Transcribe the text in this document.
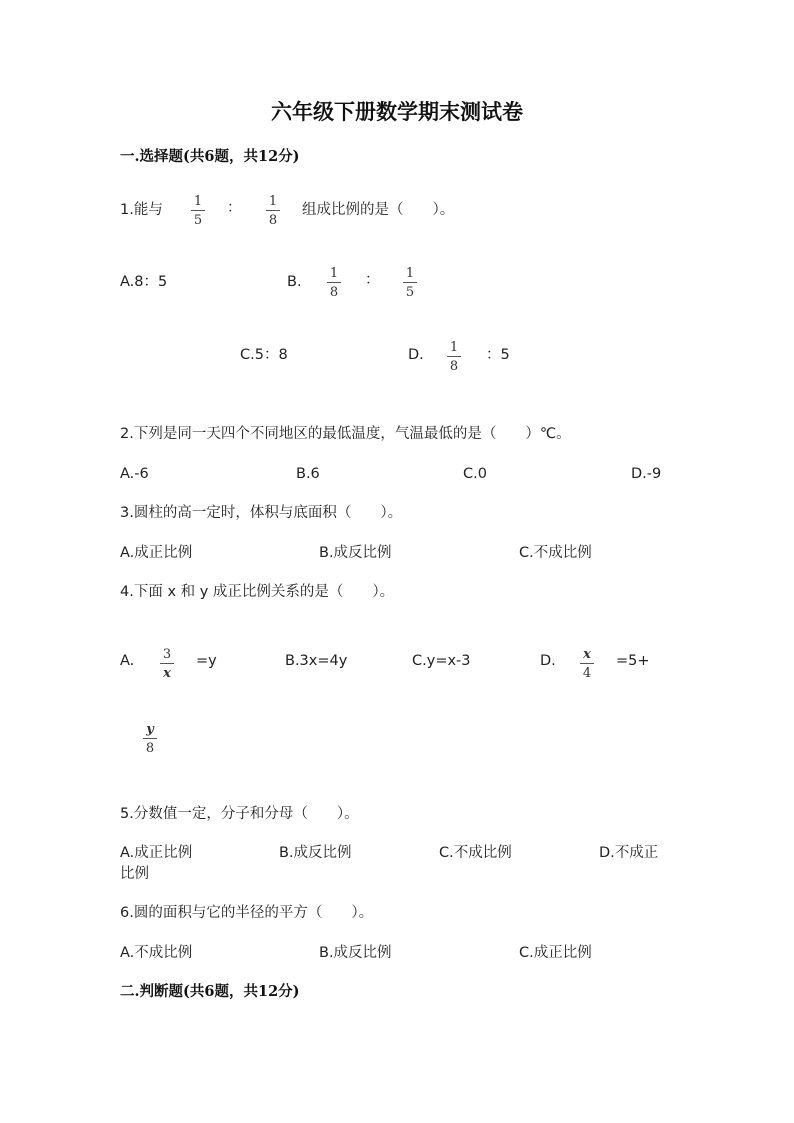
六年级下册数学期末测试卷
一.选择题(共6题，共12分)
1.能与
1
5
：	1
8
组成比例的是（　　）。
A.8：5	B.
1
8
：	1
5
C.5：8	D.	1
8
：5
2.下列是同一天四个不同地区的最低温度，气温最低的是（　　）℃。
A.-6	B.6	C.0	D.-9
3.圆柱的高一定时，体积与底面积（　　）。
A.成正比例	B.成反比例	C.不成比例
4.下面 x 和 y 成正比例关系的是（　　）。
A.	3
x
=y	B.3x=4y	C.y=x-3	D.	x
4
=5+
y
8
5.分数值一定，分子和分母（　　）。
A.成正比例	B.成反比例	C.不成比例	D.不成正
比例
6.圆的面积与它的半径的平方（　　）。
A.不成比例	B.成反比例	C.成正比例
二.判断题(共6题，共12分)
